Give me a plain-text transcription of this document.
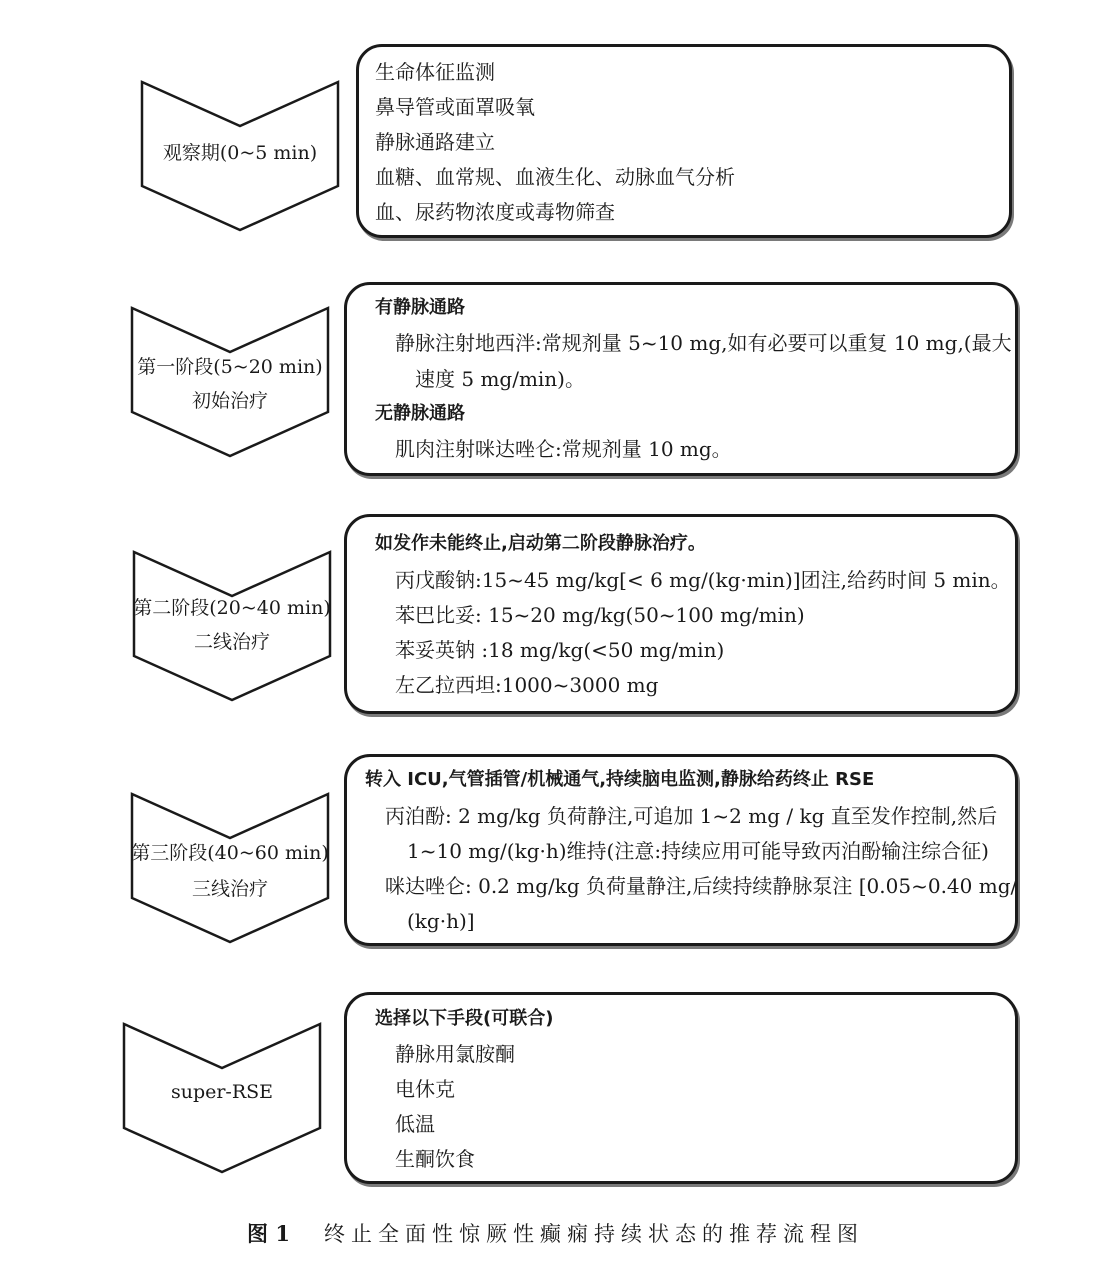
观察期(0~5 min)
生命体征监测
鼻导管或面罩吸氧
静脉通路建立
血糖、血常规、血液生化、动脉血气分析
血、尿药物浓度或毒物筛查
第一阶段(5~20 min)
初始治疗
有静脉通路
静脉注射地西泮:常规剂量 5~10 mg,如有必要可以重复 10 mg,(最大
速度 5 mg/min)。
无静脉通路
肌肉注射咪达唑仑:常规剂量 10 mg。
第二阶段(20~40 min)
二线治疗
如发作未能终止,启动第二阶段静脉治疗。
丙戊酸钠:15~45 mg/kg[< 6 mg/(kg·min)]团注,给药时间 5 min。
苯巴比妥: 15~20 mg/kg(50~100 mg/min)
苯妥英钠 :18 mg/kg(<50 mg/min)
左乙拉西坦:1000~3000 mg
第三阶段(40~60 min)
三线治疗
转入 ICU,气管插管/机械通气,持续脑电监测,静脉给药终止 RSE
丙泊酚: 2 mg/kg 负荷静注,可追加 1~2 mg / kg 直至发作控制,然后
1~10 mg/(kg·h)维持(注意:持续应用可能导致丙泊酚输注综合征)
咪达唑仑: 0.2 mg/kg 负荷量静注,后续持续静脉泵注 [0.05~0.40 mg/
(kg·h)]
super-RSE
选择以下手段(可联合)
静脉用氯胺酮
电休克
低温
生酮饮食
图 1 终止全面性惊厥性癫痫持续状态的推荐流程图
